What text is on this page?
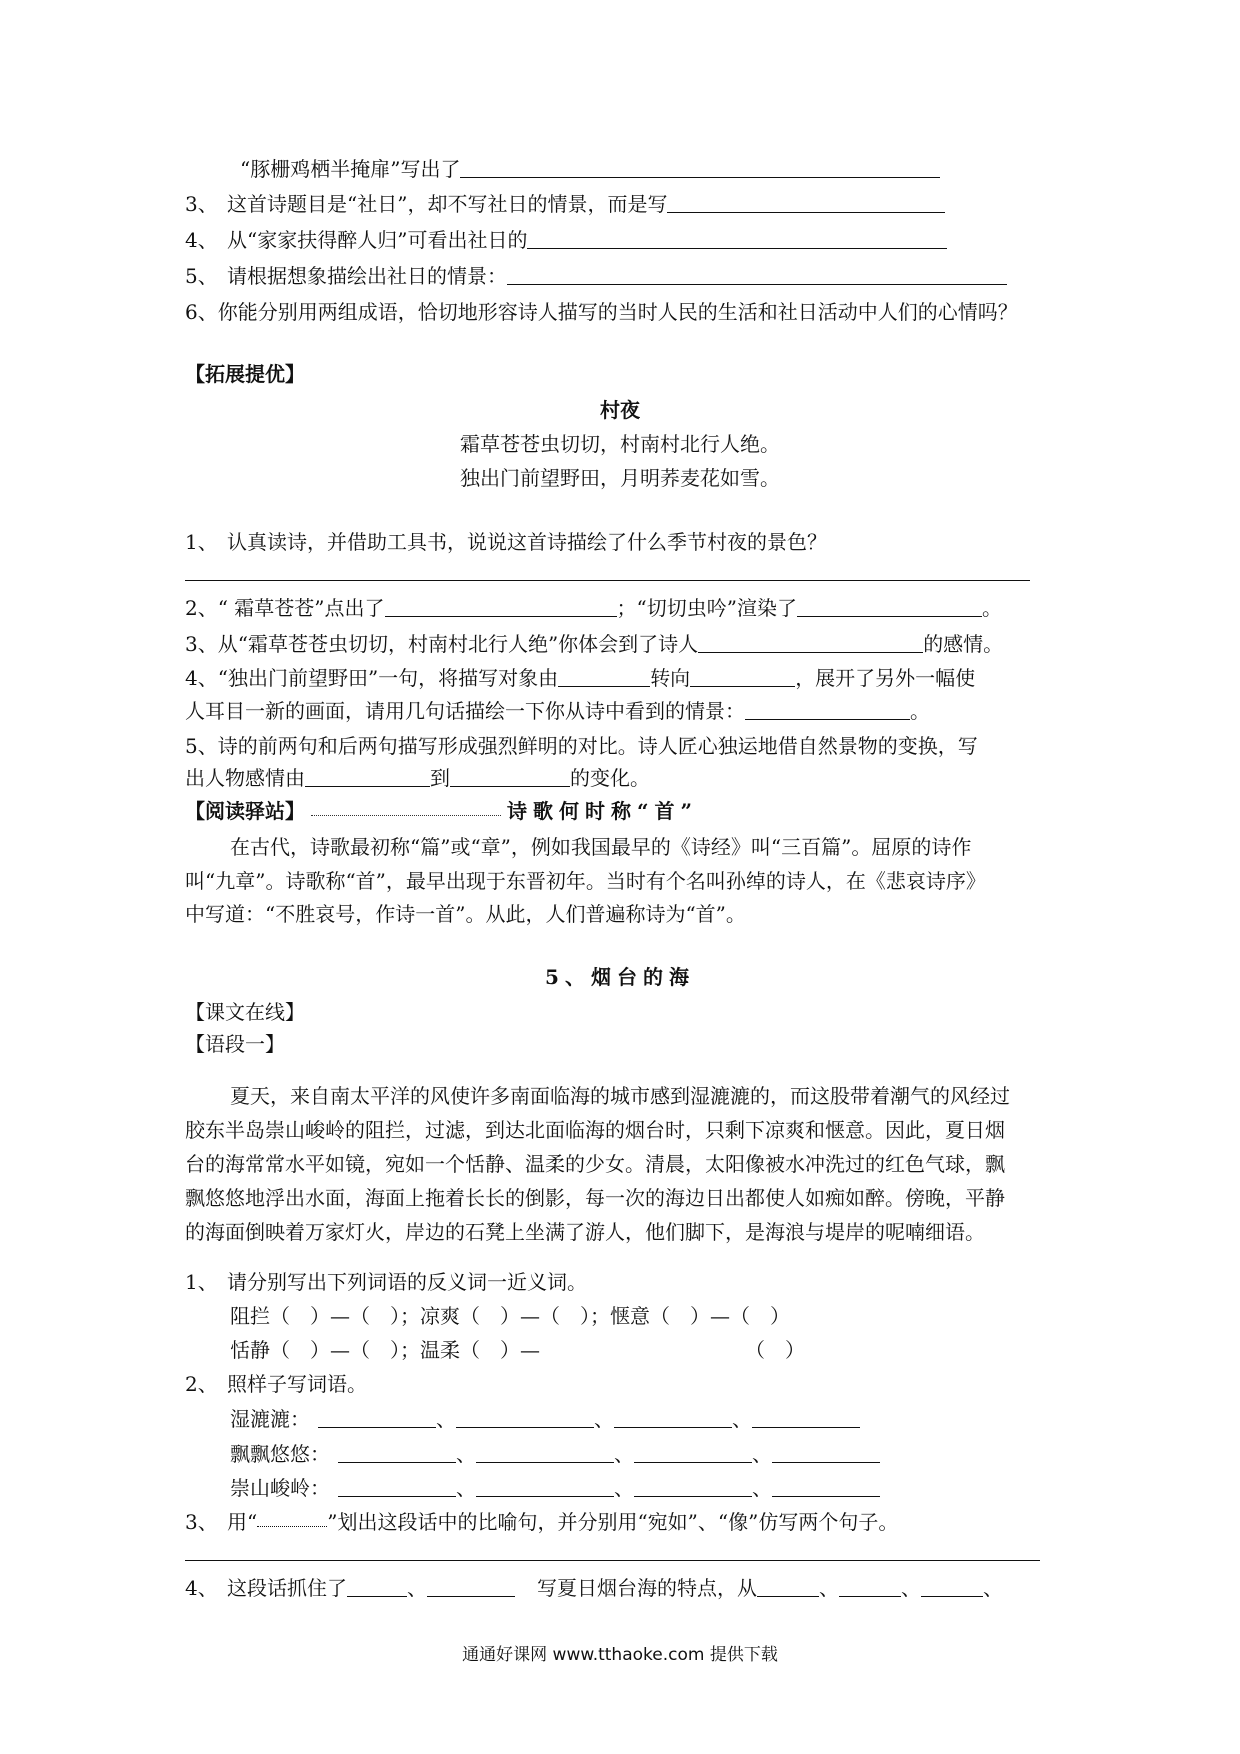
“豚栅鸡栖半掩扉”写出了
3、 这首诗题目是“社日”，却不写社日的情景，而是写
4、 从“家家扶得醉人归”可看出社日的
5、 请根据想象描绘出社日的情景：
6、你能分别用两组成语，恰切地形容诗人描写的当时人民的生活和社日活动中人们的心情吗？
【拓展提优】
村夜
霜草苍苍虫切切，村南村北行人绝。
独出门前望野田，月明荞麦花如雪。
1、 认真读诗，并借助工具书，说说这首诗描绘了什么季节村夜的景色？
2、“ 霜草苍苍”点出了	；“切切虫吟”渲染了	。
3、从“霜草苍苍虫切切，村南村北行人绝”你体会到了诗人	的感情。
4、“独出门前望野田”一句，将描写对象由	转向	，展开了另外一幅使
人耳目一新的画面，请用几句话描绘一下你从诗中看到的情景：	。
5、诗的前两句和后两句描写形成强烈鲜明的对比。诗人匠心独运地借自然景物的变换，写
出人物感情由	到	的变化。
【阅读驿站】	诗歌何时称“首”
在古代，诗歌最初称“篇”或“章”，例如我国最早的《诗经》叫“三百篇”。屈原的诗作
叫“九章”。诗歌称“首”，最早出现于东晋初年。当时有个名叫孙绰的诗人，在《悲哀诗序》
中写道：“不胜哀号，作诗一首”。从此，人们普遍称诗为“首”。
5、烟台的海
【课文在线】
【语段一】
夏天，来自南太平洋的风使许多南面临海的城市感到湿漉漉的，而这股带着潮气的风经过
胶东半岛崇山峻岭的阻拦，过滤，到达北面临海的烟台时，只剩下凉爽和惬意。因此，夏日烟
台的海常常水平如镜，宛如一个恬静、温柔的少女。清晨，太阳像被水冲洗过的红色气球，飘
飘悠悠地浮出水面，海面上拖着长长的倒影，每一次的海边日出都使人如痴如醉。傍晚，平静
的海面倒映着万家灯火，岸边的石凳上坐满了游人，他们脚下，是海浪与堤岸的呢喃细语。
1、 请分别写出下列词语的反义词一近义词。
阻拦（　）—（　）；凉爽（　）—（　）；惬意（　）—（　）
恬静（　）—（　）；温柔（　）—	（　）
2、 照样子写词语。
湿漉漉：	、	、	、
飘飘悠悠：	、	、	、
崇山峻岭：	、	、	、
3、 用“	”划出这段话中的比喻句，并分别用“宛如”、“像”仿写两个句子。
4、 这段话抓住了	、	写夏日烟台海的特点，从	、	、	、
通通好课网 www.tthaoke.com 提供下载
